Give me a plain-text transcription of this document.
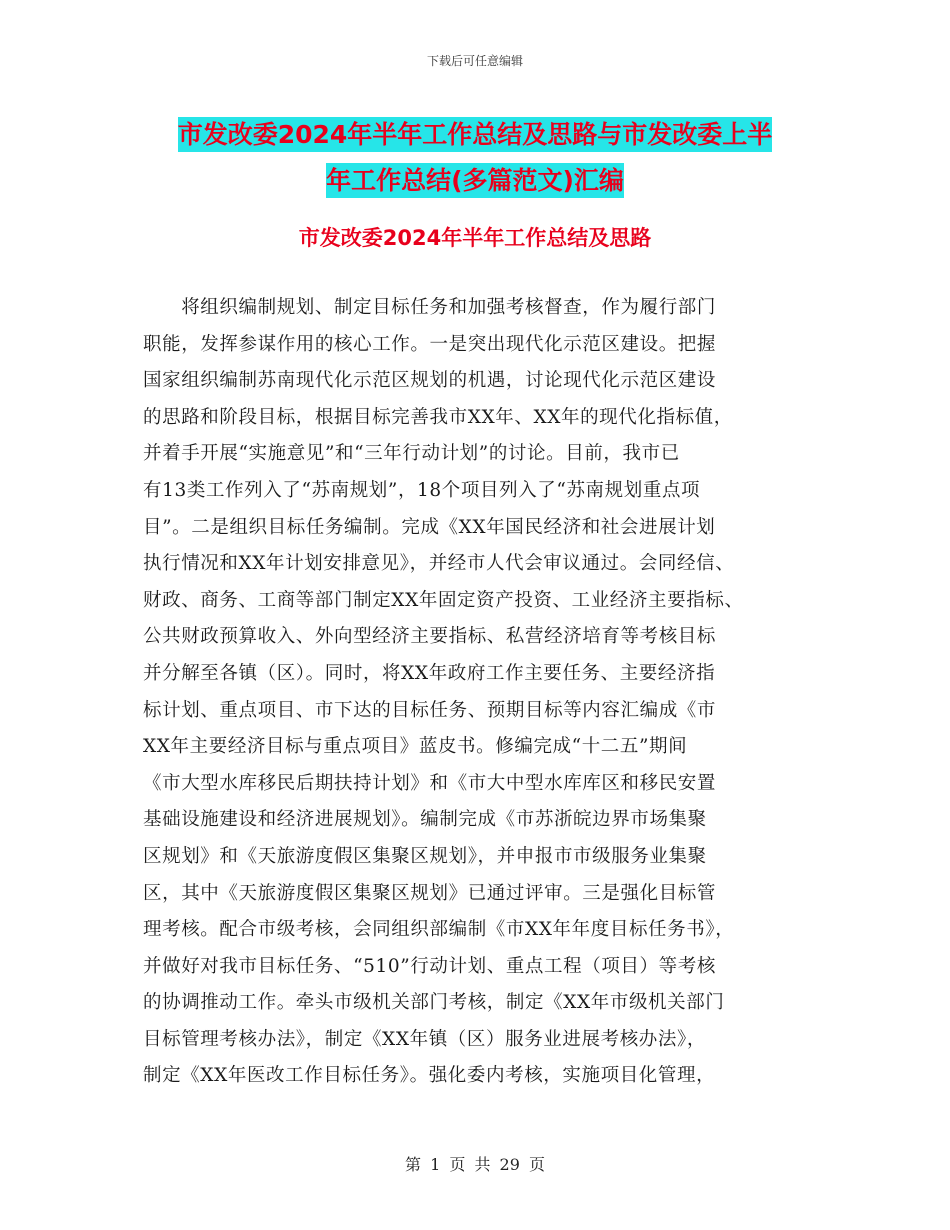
下载后可任意编辑
市发改委2024年半年工作总结及思路与市发改委上半
年工作总结(多篇范文)汇编
市发改委2024年半年工作总结及思路
　　将组织编制规划、制定目标任务和加强考核督查，作为履行部门
职能，发挥参谋作用的核心工作。一是突出现代化示范区建设。把握
国家组织编制苏南现代化示范区规划的机遇，讨论现代化示范区建设
的思路和阶段目标，根据目标完善我市XX年、XX年的现代化指标值，
并着手开展“实施意见”和“三年行动计划”的讨论。目前，我市已
有13类工作列入了“苏南规划”，18个项目列入了“苏南规划重点项
目”。二是组织目标任务编制。完成《XX年国民经济和社会进展计划
执行情况和XX年计划安排意见》，并经市人代会审议通过。会同经信、
财政、商务、工商等部门制定XX年固定资产投资、工业经济主要指标、
公共财政预算收入、外向型经济主要指标、私营经济培育等考核目标
并分解至各镇（区）。同时，将XX年政府工作主要任务、主要经济指
标计划、重点项目、市下达的目标任务、预期目标等内容汇编成《市
XX年主要经济目标与重点项目》蓝皮书。修编完成“十二五”期间
《市大型水库移民后期扶持计划》和《市大中型水库库区和移民安置
基础设施建设和经济进展规划》。编制完成《市苏浙皖边界市场集聚
区规划》和《天旅游度假区集聚区规划》，并申报市市级服务业集聚
区，其中《天旅游度假区集聚区规划》已通过评审。三是强化目标管
理考核。配合市级考核，会同组织部编制《市XX年年度目标任务书》，
并做好对我市目标任务、“510”行动计划、重点工程（项目）等考核
的协调推动工作。牵头市级机关部门考核，制定《XX年市级机关部门
目标管理考核办法》，制定《XX年镇（区）服务业进展考核办法》，
制定《XX年医改工作目标任务》。强化委内考核，实施项目化管理，
第 1 页 共 29 页
